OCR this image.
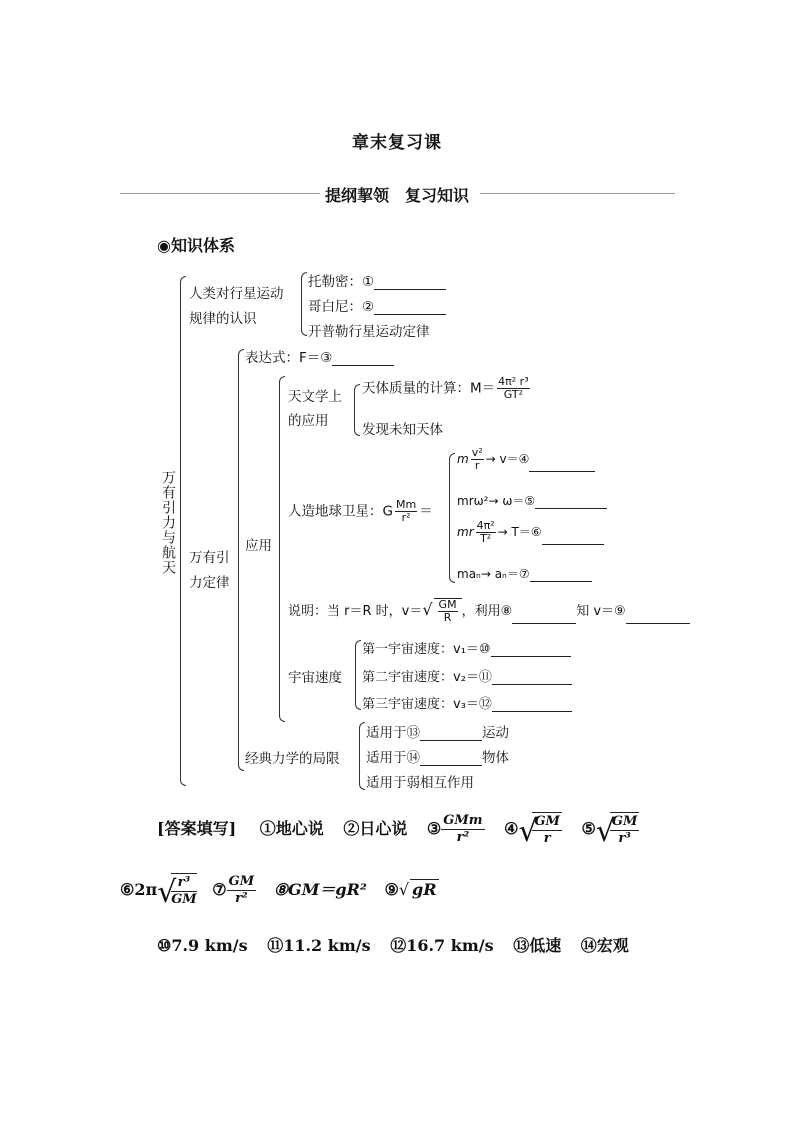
章末复习课
提纲挈领　复习知识
◉知识体系
万有引力与航天
人类对行星运动
规律的认识
托勒密：①
哥白尼：②
开普勒行星运动定律
万有引
力定律
表达式：F＝③
应用
天文学上
的应用
天体质量的计算：$M= \frac{\text{4π² r³}}{\text{GT²}}$
发现未知天体
人造地球卫星：G $\frac{Mm}{\text{r²}}$ ＝
m $\frac{\text{v²}}{r}$ → v＝④
mrω²→ ω＝⑤
mr $\frac{\text{4π²}}{\text{T²}}$ → T＝⑥
maₙ→ aₙ＝⑦
说明：当 r＝R 时，$v=√ \frac{GM}{R}$ ，利用⑧	知 v＝⑨
宇宙速度
第一宇宙速度：v₁＝⑩
第二宇宙速度：v₂＝⑪
第三宇宙速度：v₃＝⑫
经典力学的局限
适用于⑬	运动
适用于⑭	物体
适用于弱相互作用
[答案填写] ①地心说 ②日心说 ③ GMm
r²	④ √
$\frac{GM}{r}$ ⑤ √
$\frac{GM}{\text{r³}}$
⑥2π √
$\frac{\text{r³}}{GM}$ ⑦ $\frac{GM}{\text{r²}}$ ⑧GM＝gR² ⑨√ gR
⑩7.9 km/s ⑪11.2 km/s ⑫16.7 km/s ⑬低速 ⑭宏观
